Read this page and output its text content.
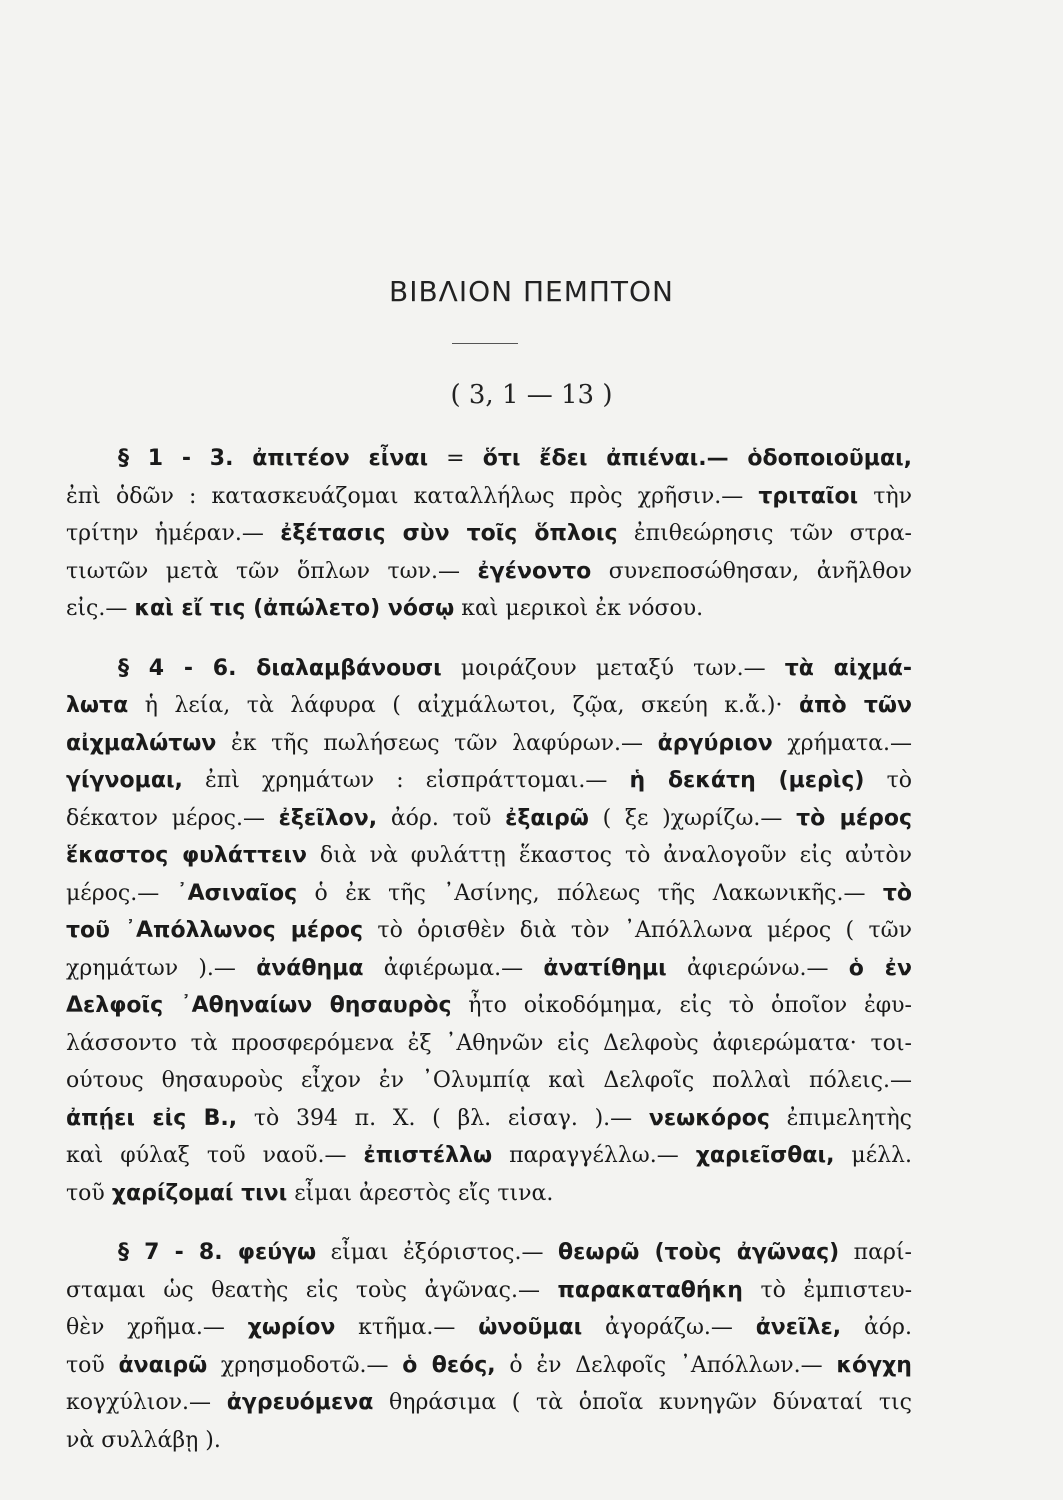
ΒΙΒΛΙΟΝ ΠΕΜΠΤΟΝ
( 3, 1 — 13 )
§ 1 - 3. ἀπιτέον εἶναι = ὅτι ἔδει ἀπιέναι.— ὁδοποιοῦμαι,
ἐπὶ ὁδῶν : κατασκευάζομαι καταλλήλως πρὸς χρῆσιν.— τριταῖοι τὴν
τρίτην ἡμέραν.— ἐξέτασις σὺν τοῖς ὅπλοις ἐπιθεώρησις τῶν στρα-
τιωτῶν μετὰ τῶν ὅπλων των.— ἐγένοντο συνεποσώθησαν, ἀνῆλθον
εἰς.— καὶ εἴ τις (ἀπώλετο) νόσῳ καὶ μερικοὶ ἐκ νόσου.
§ 4 - 6. διαλαμβάνουσι μοιράζουν μεταξύ των.— τὰ αἰχμά-
λωτα ἡ λεία, τὰ λάφυρα ( αἰχμάλωτοι, ζῷα, σκεύη κ.ἄ.)· ἀπὸ τῶν
αἰχμαλώτων ἐκ τῆς πωλήσεως τῶν λαφύρων.— ἀργύριον χρήματα.—
γίγνομαι, ἐπὶ χρημάτων : εἰσπράττομαι.— ἡ δεκάτη (μερὶς) τὸ
δέκατον μέρος.— ἐξεῖλον, ἀόρ. τοῦ ἐξαιρῶ ( ξε )χωρίζω.— τὸ μέρος
ἕκαστος φυλάττειν διὰ νὰ φυλάττῃ ἕκαστος τὸ ἀναλογοῦν εἰς αὐτὸν
μέρος.— ᾿Ασιναῖος ὁ ἐκ τῆς ᾿Ασίνης, πόλεως τῆς Λακωνικῆς.— τὸ
τοῦ ᾿Απόλλωνος μέρος τὸ ὁρισθὲν διὰ τὸν ᾿Απόλλωνα μέρος ( τῶν
χρημάτων ).— ἀνάθημα ἀφιέρωμα.— ἀνατίθημι ἀφιερώνω.— ὁ ἐν
Δελφοῖς ᾿Αθηναίων θησαυρὸς ἦτο οἰκοδόμημα, εἰς τὸ ὁποῖον ἐφυ-
λάσσοντο τὰ προσφερόμενα ἐξ ᾿Αθηνῶν εἰς Δελφοὺς ἀφιερώματα· τοι-
ούτους θησαυροὺς εἶχον ἐν ᾿Ολυμπίᾳ καὶ Δελφοῖς πολλαὶ πόλεις.—
ἀπῄει εἰς Β., τὸ 394 π. Χ. ( βλ. εἰσαγ. ).— νεωκόρος ἐπιμελητὴς
καὶ φύλαξ τοῦ ναοῦ.— ἐπιστέλλω παραγγέλλω.— χαριεῖσθαι, μέλλ.
τοῦ χαρίζομαί τινι εἶμαι ἀρεστὸς εἴς τινα.
§ 7 - 8. φεύγω εἶμαι ἐξόριστος.— θεωρῶ (τοὺς ἀγῶνας) παρί-
σταμαι ὡς θεατὴς εἰς τοὺς ἀγῶνας.— παρακαταθήκη τὸ ἐμπιστευ-
θὲν χρῆμα.— χωρίον κτῆμα.— ὠνοῦμαι ἀγοράζω.— ἀνεῖλε, ἀόρ.
τοῦ ἀναιρῶ χρησμοδοτῶ.— ὁ θεός, ὁ ἐν Δελφοῖς ᾿Απόλλων.— κόγχη
κογχύλιον.— ἀγρευόμενα θηράσιμα ( τὰ ὁποῖα κυνηγῶν δύναταί τις
νὰ συλλάβῃ ).
